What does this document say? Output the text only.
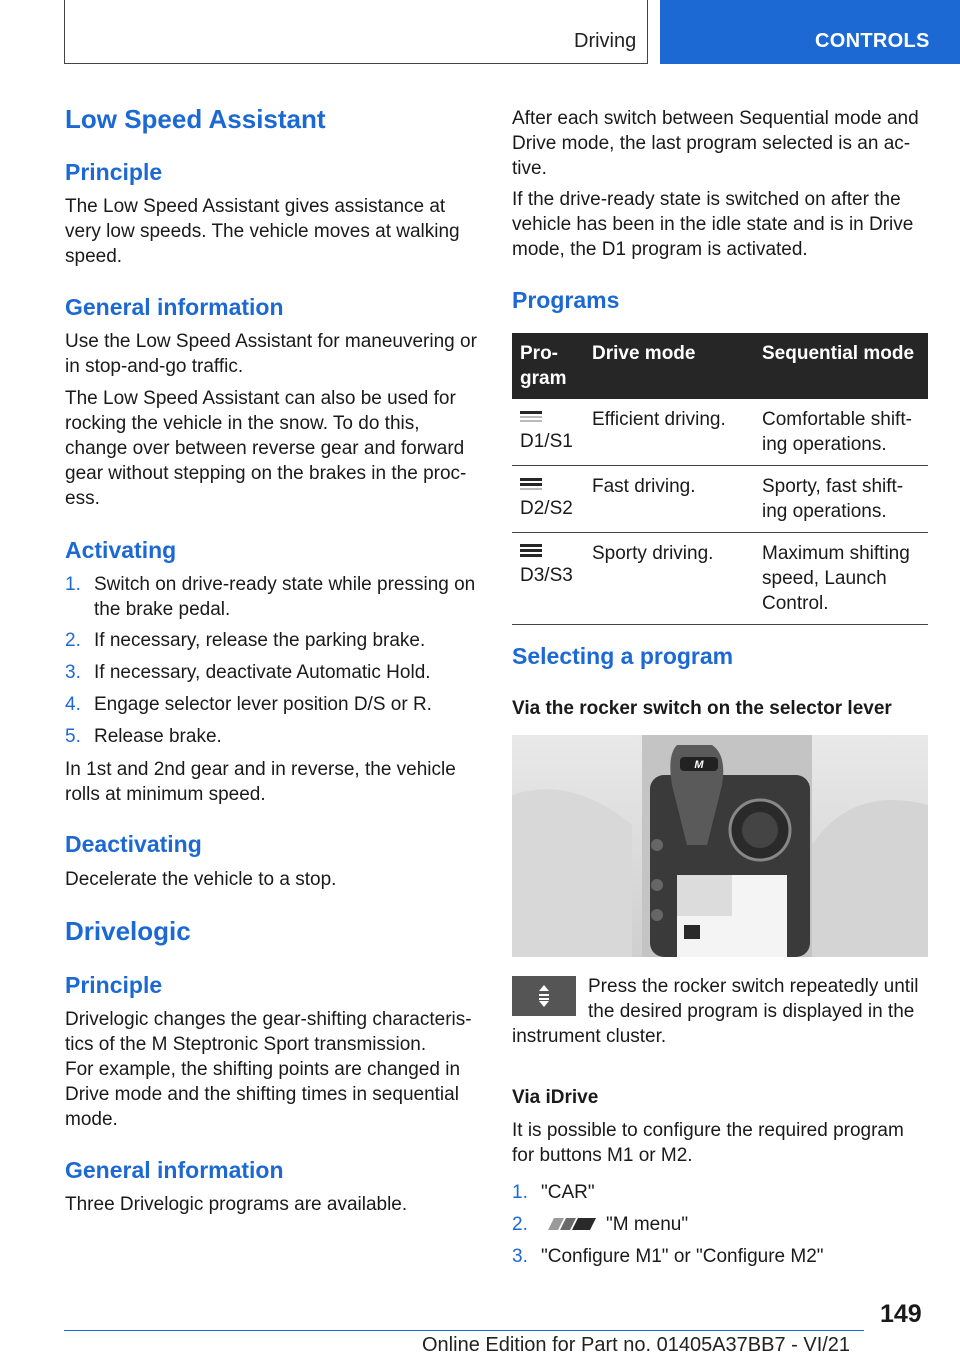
Driving	CONTROLS
Low Speed Assistant
Principle
The Low Speed Assistant gives assistance at
very low speeds. The vehicle moves at walking
speed.
General information
Use the Low Speed Assistant for maneuvering or
in stop-and-go traffic.
The Low Speed Assistant can also be used for
rocking the vehicle in the snow. To do this,
change over between reverse gear and forward
gear without stepping on the brakes in the proc‐
ess.
Activating
1. Switch on drive-ready state while pressing on
the brake pedal.
2. If necessary, release the parking brake.
3. If necessary, deactivate Automatic Hold.
4. Engage selector lever position D/S or R.
5. Release brake.
In 1st and 2nd gear and in reverse, the vehicle
rolls at minimum speed.
Deactivating
Decelerate the vehicle to a stop.
Drivelogic
Principle
Drivelogic changes the gear-shifting characteris‐
tics of the M Steptronic Sport transmission.
For example, the shifting points are changed in
Drive mode and the shifting times in sequential
mode.
General information
Three Drivelogic programs are available.
After each switch between Sequential mode and
Drive mode, the last program selected is an ac‐
tive.
If the drive-ready state is switched on after the
vehicle has been in the idle state and is in Drive
mode, the D1 program is activated.
Programs
Pro‐ gram	Drive mode	Sequential mode

D1/S1	Efficient driving.	Comfortable shift‐ ing operations.

D2/S2	Fast driving.	Sporty, fast shift‐ ing operations.

D3/S3	Sporty driving.	Maximum shifting speed, Launch Control.
Selecting a program
Via the rocker switch on the selector lever
M
Press the rocker switch repeatedly until
the desired program is displayed in the
instrument cluster.
Via iDrive
It is possible to configure the required program
for buttons M1 or M2.
1. "CAR"
2.	"M menu"
3. "Configure M1" or "Configure M2"
149
Online Edition for Part no. 01405A37BB7 - VI/21
